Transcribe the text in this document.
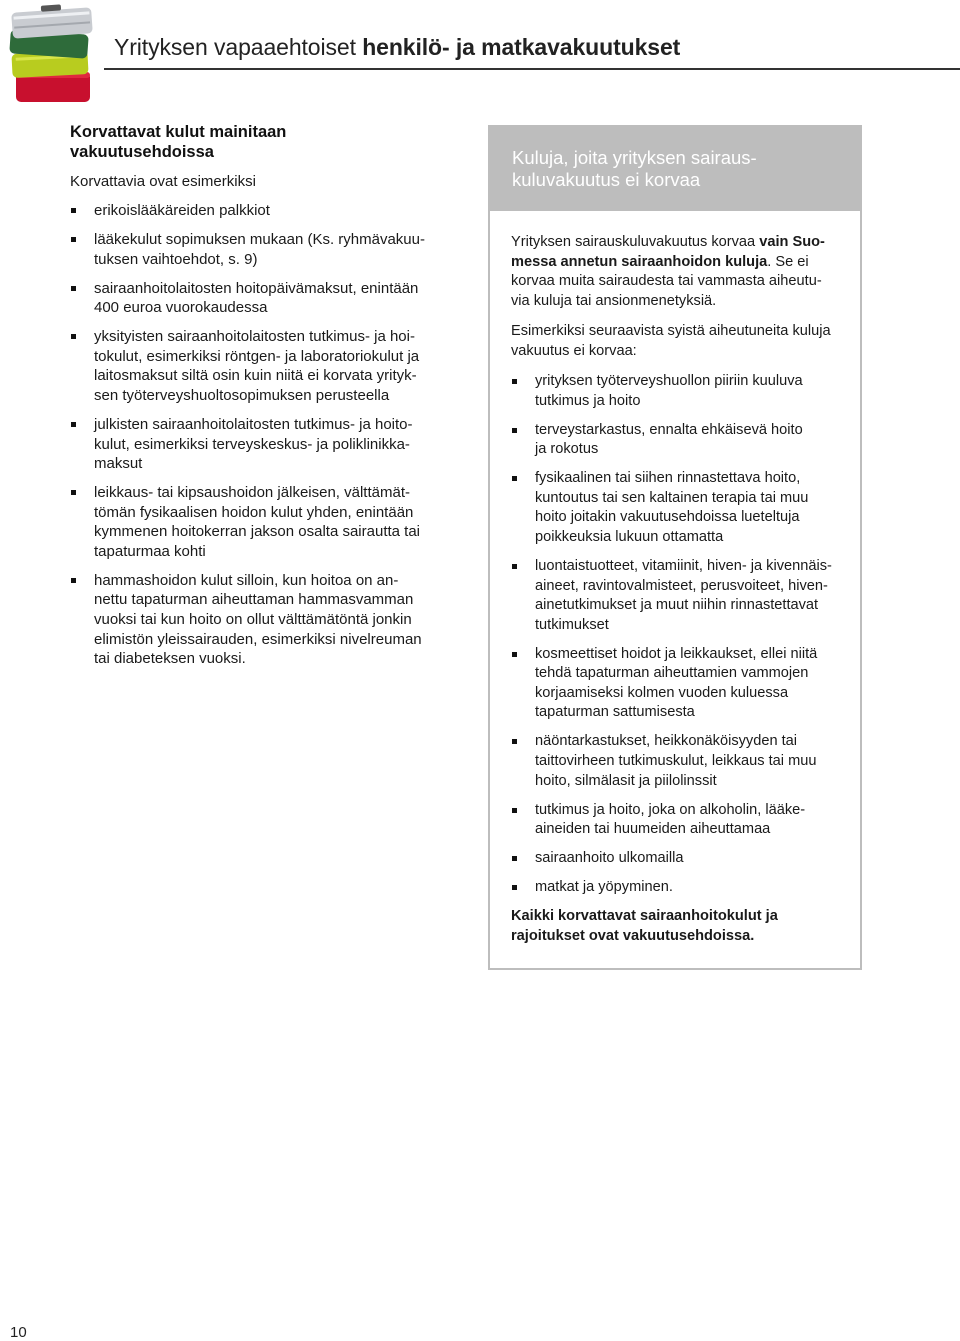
Yrityksen vapaaehtoiset henkilö- ja matkavakuutukset
Korvattavat kulut mainitaan
vakuutusehdoissa

Korvattavia ovat esimerkiksi

erikoislääkäreiden palkkiot
lääkekulut sopimuksen mukaan (Ks. ryhmävakuu-
tuksen vaihtoehdot, s. 9)
sairaanhoitolaitosten hoitopäivämaksut, enintään
400 euroa vuorokaudessa
yksityisten sairaanhoitolaitosten tutkimus- ja hoi-
tokulut, esimerkiksi röntgen- ja laboratoriokulut ja
laitosmaksut siltä osin kuin niitä ei korvata yrityk-
sen työterveyshuoltosopimuksen perusteella
julkisten sairaanhoitolaitosten tutkimus- ja hoito-
kulut, esimerkiksi terveyskeskus- ja poliklinikka-
maksut
leikkaus- tai kipsaushoidon jälkeisen, välttämät-
tömän fysikaalisen hoidon kulut yhden, enintään
kymmenen hoitokerran jakson osalta sairautta tai
tapaturmaa kohti
hammashoidon kulut silloin, kun hoitoa on an-
nettu tapaturman aiheuttaman hammasvamman
vuoksi tai kun hoito on ollut välttämätöntä jonkin
elimistön yleissairauden, esimerkiksi nivelreuman
tai diabeteksen vuoksi.
Kuluja, joita yrityksen sairaus-
kuluvakuutus ei korvaa

Yrityksen sairauskuluvakuutus korvaa vain Suo-
messa annetun sairaanhoidon kuluja. Se ei
korvaa muita sairaudesta tai vammasta aiheutu-
via kuluja tai ansionmenetyksiä.

Esimerkiksi seuraavista syistä aiheutuneita kuluja
vakuutus ei korvaa:

yrityksen työterveyshuollon piiriin kuuluva
tutkimus ja hoito
terveystarkastus, ennalta ehkäisevä hoito
ja rokotus
fysikaalinen tai siihen rinnastettava hoito,
kuntoutus tai sen kaltainen terapia tai muu
hoito joitakin vakuutusehdoissa lueteltuja
poikkeuksia lukuun ottamatta
luontaistuotteet, vitamiinit, hiven- ja kivennäis-
aineet, ravintovalmisteet, perusvoiteet, hiven-
ainetutkimukset ja muut niihin rinnastettavat
tutkimukset
kosmeettiset hoidot ja leikkaukset, ellei niitä
tehdä tapaturman aiheuttamien vammojen
korjaamiseksi kolmen vuoden kuluessa
tapaturman sattumisesta
näöntarkastukset, heikkonäköisyyden tai
taittovirheen tutkimuskulut, leikkaus tai muu
hoito, silmälasit ja piilolinssit
tutkimus ja hoito, joka on alkoholin, lääke-
aineiden tai huumeiden aiheuttamaa
sairaanhoito ulkomailla
matkat ja yöpyminen.

Kaikki korvattavat sairaanhoitokulut ja
rajoitukset ovat vakuutusehdoissa.

10
